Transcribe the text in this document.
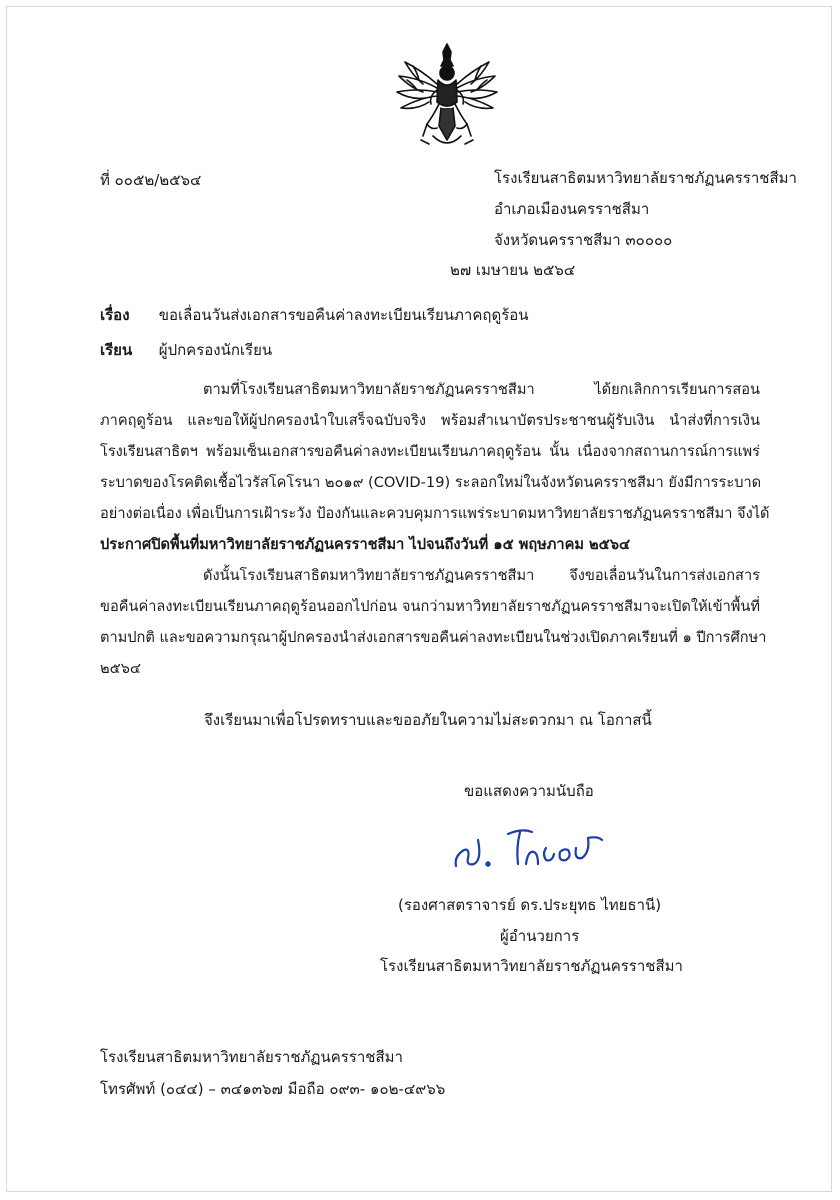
ที่ ๐๐๕๒/๒๕๖๔	โรงเรียนสาธิตมหาวิทยาลัยราชภัฏนครราชสีมา
อำเภอเมืองนครราชสีมา
จังหวัดนครราชสีมา ๓๐๐๐๐
๒๗ เมษายน ๒๕๖๔
เรื่อง ขอเลื่อนวันส่งเอกสารขอคืนค่าลงทะเบียนเรียนภาคฤดูร้อน
เรียน ผู้ปกครองนักเรียน
ตามที่โรงเรียนสาธิตมหาวิทยาลัยราชภัฏนครราชสีมา ได้ยกเลิกการเรียนการสอน
ภาคฤดูร้อน และขอให้ผู้ปกครองนำใบเสร็จฉบับจริง พร้อมสำเนาบัตรประชาชนผู้รับเงิน นำส่งที่การเงิน
โรงเรียนสาธิตฯ พร้อมเซ็นเอกสารขอคืนค่าลงทะเบียนเรียนภาคฤดูร้อน นั้น เนื่องจากสถานการณ์การแพร่
ระบาดของโรคติดเชื้อไวรัสโคโรนา ๒๐๑๙ (COVID-19) ระลอกใหม่ในจังหวัดนครราชสีมา ยังมีการระบาด
อย่างต่อเนื่อง เพื่อเป็นการเฝ้าระวัง ป้องกันและควบคุมการแพร่ระบาดมหาวิทยาลัยราชภัฏนครราชสีมา จึงได้
ประกาศปิดพื้นที่มหาวิทยาลัยราชภัฏนครราชสีมา ไปจนถึงวันที่ ๑๕ พฤษภาคม ๒๕๖๔
ดังนั้นโรงเรียนสาธิตมหาวิทยาลัยราชภัฏนครราชสีมา จึงขอเลื่อนวันในการส่งเอกสาร
ขอคืนค่าลงทะเบียนเรียนภาคฤดูร้อนออกไปก่อน จนกว่ามหาวิทยาลัยราชภัฏนครราชสีมาจะเปิดให้เข้าพื้นที่
ตามปกติ และขอความกรุณาผู้ปกครองนำส่งเอกสารขอคืนค่าลงทะเบียนในช่วงเปิดภาคเรียนที่ ๑ ปีการศึกษา
๒๕๖๔
จึงเรียนมาเพื่อโปรดทราบและขออภัยในความไม่สะดวกมา ณ โอกาสนี้
ขอแสดงความนับถือ
(รองศาสตราจารย์ ดร.ประยุทธ ไทยธานี)
ผู้อำนวยการ
โรงเรียนสาธิตมหาวิทยาลัยราชภัฏนครราชสีมา
โรงเรียนสาธิตมหาวิทยาลัยราชภัฏนครราชสีมา
โทรศัพท์ (๐๔๔) – ๓๔๑๓๖๗ มือถือ ๐๙๓- ๑๐๒-๔๙๖๖
